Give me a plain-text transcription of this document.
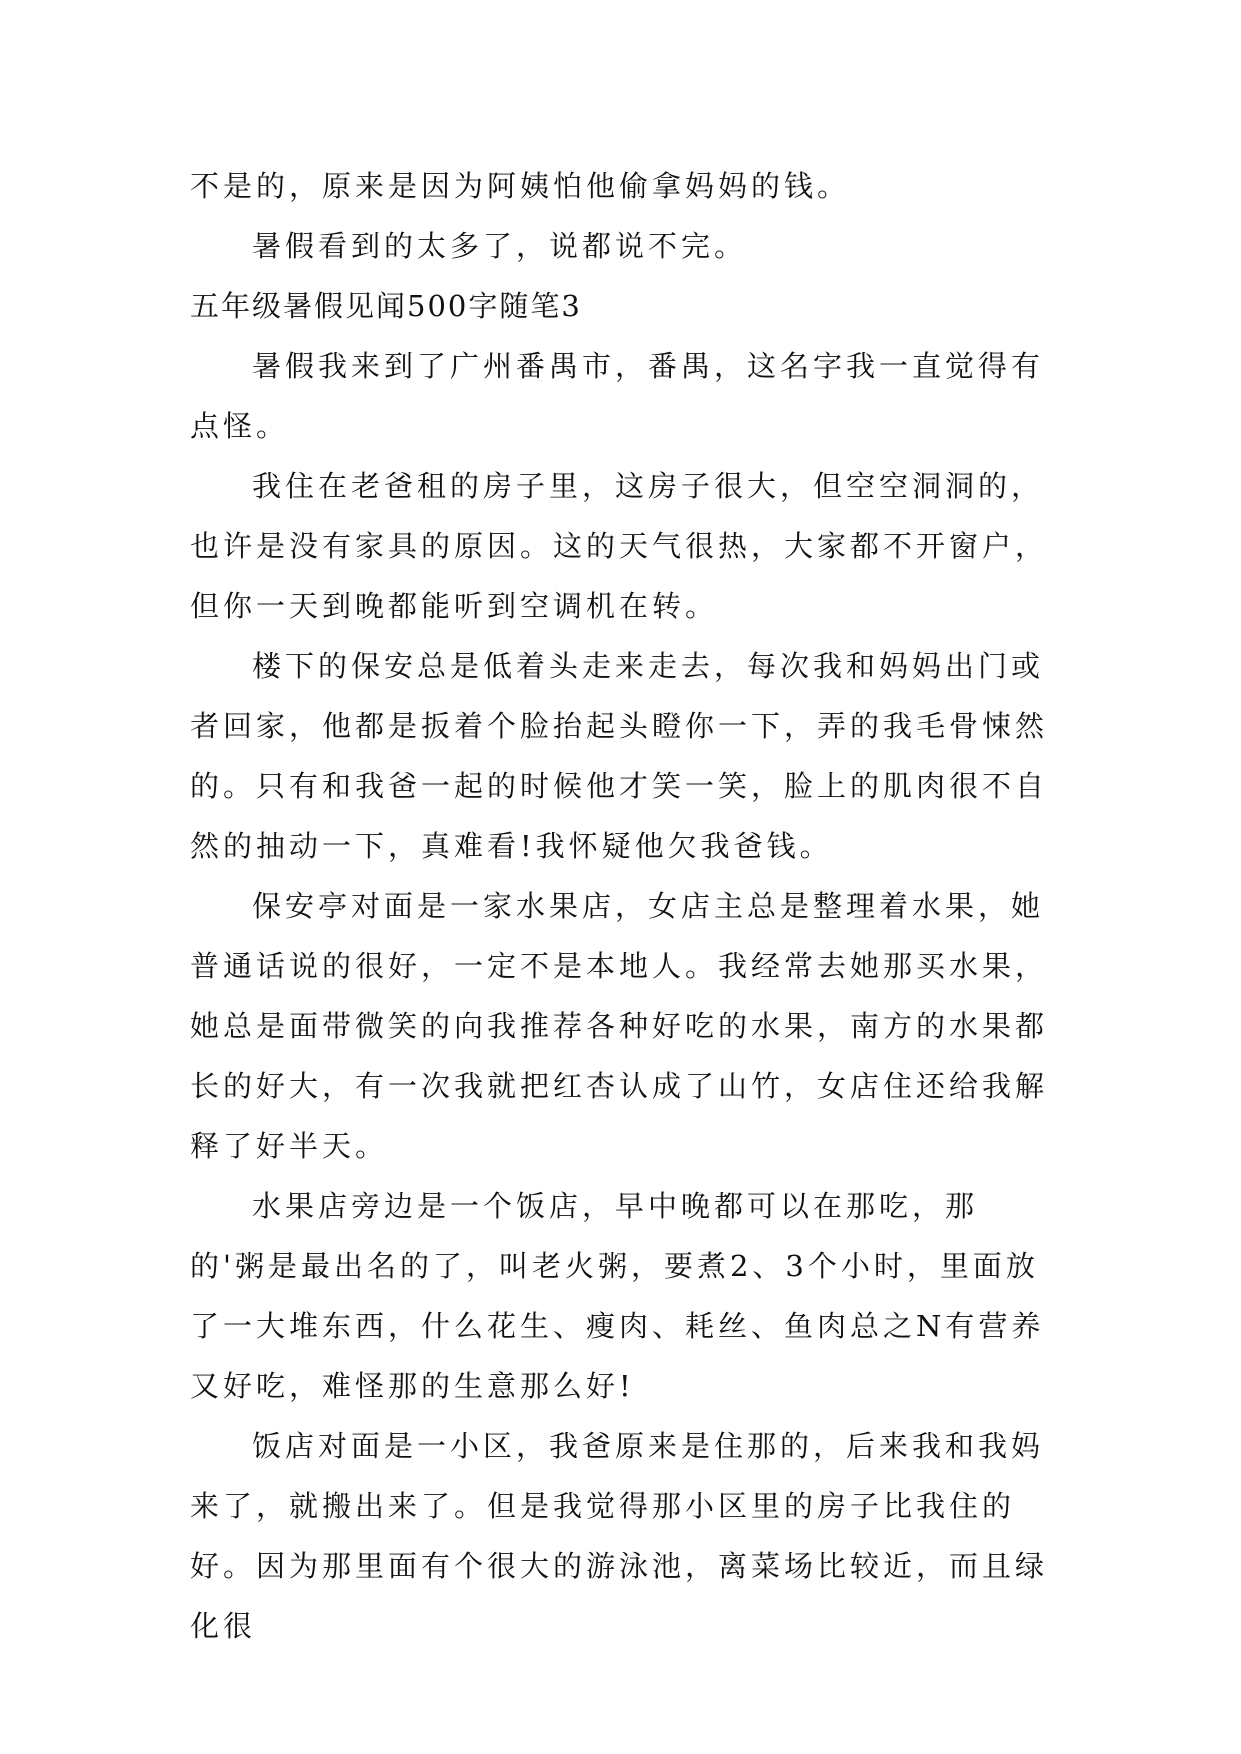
不是的，原来是因为阿姨怕他偷拿妈妈的钱。

暑假看到的太多了，说都说不完。

五年级暑假见闻500字随笔3

暑假我来到了广州番禺市，番禺，这名字我一直觉得有点怪。

我住在老爸租的房子里，这房子很大，但空空洞洞的，也许是没有家具的原因。这的天气很热，大家都不开窗户，但你一天到晚都能听到空调机在转。

楼下的保安总是低着头走来走去，每次我和妈妈出门或者回家，他都是扳着个脸抬起头瞪你一下，弄的我毛骨悚然的。只有和我爸一起的时候他才笑一笑，脸上的肌肉很不自然的抽动一下，真难看!我怀疑他欠我爸钱。

保安亭对面是一家水果店，女店主总是整理着水果，她普通话说的很好，一定不是本地人。我经常去她那买水果，她总是面带微笑的向我推荐各种好吃的水果，南方的水果都长的好大，有一次我就把红杏认成了山竹，女店住还给我解释了好半天。

水果店旁边是一个饭店，早中晚都可以在那吃，那的'粥是最出名的了，叫老火粥，要煮2、3个小时，里面放了一大堆东西，什么花生、瘦肉、耗丝、鱼肉总之N有营养又好吃，难怪那的生意那么好!

饭店对面是一小区，我爸原来是住那的，后来我和我妈来了，就搬出来了。但是我觉得那小区里的房子比我住的好。因为那里面有个很大的游泳池，离菜场比较近，而且绿化很
